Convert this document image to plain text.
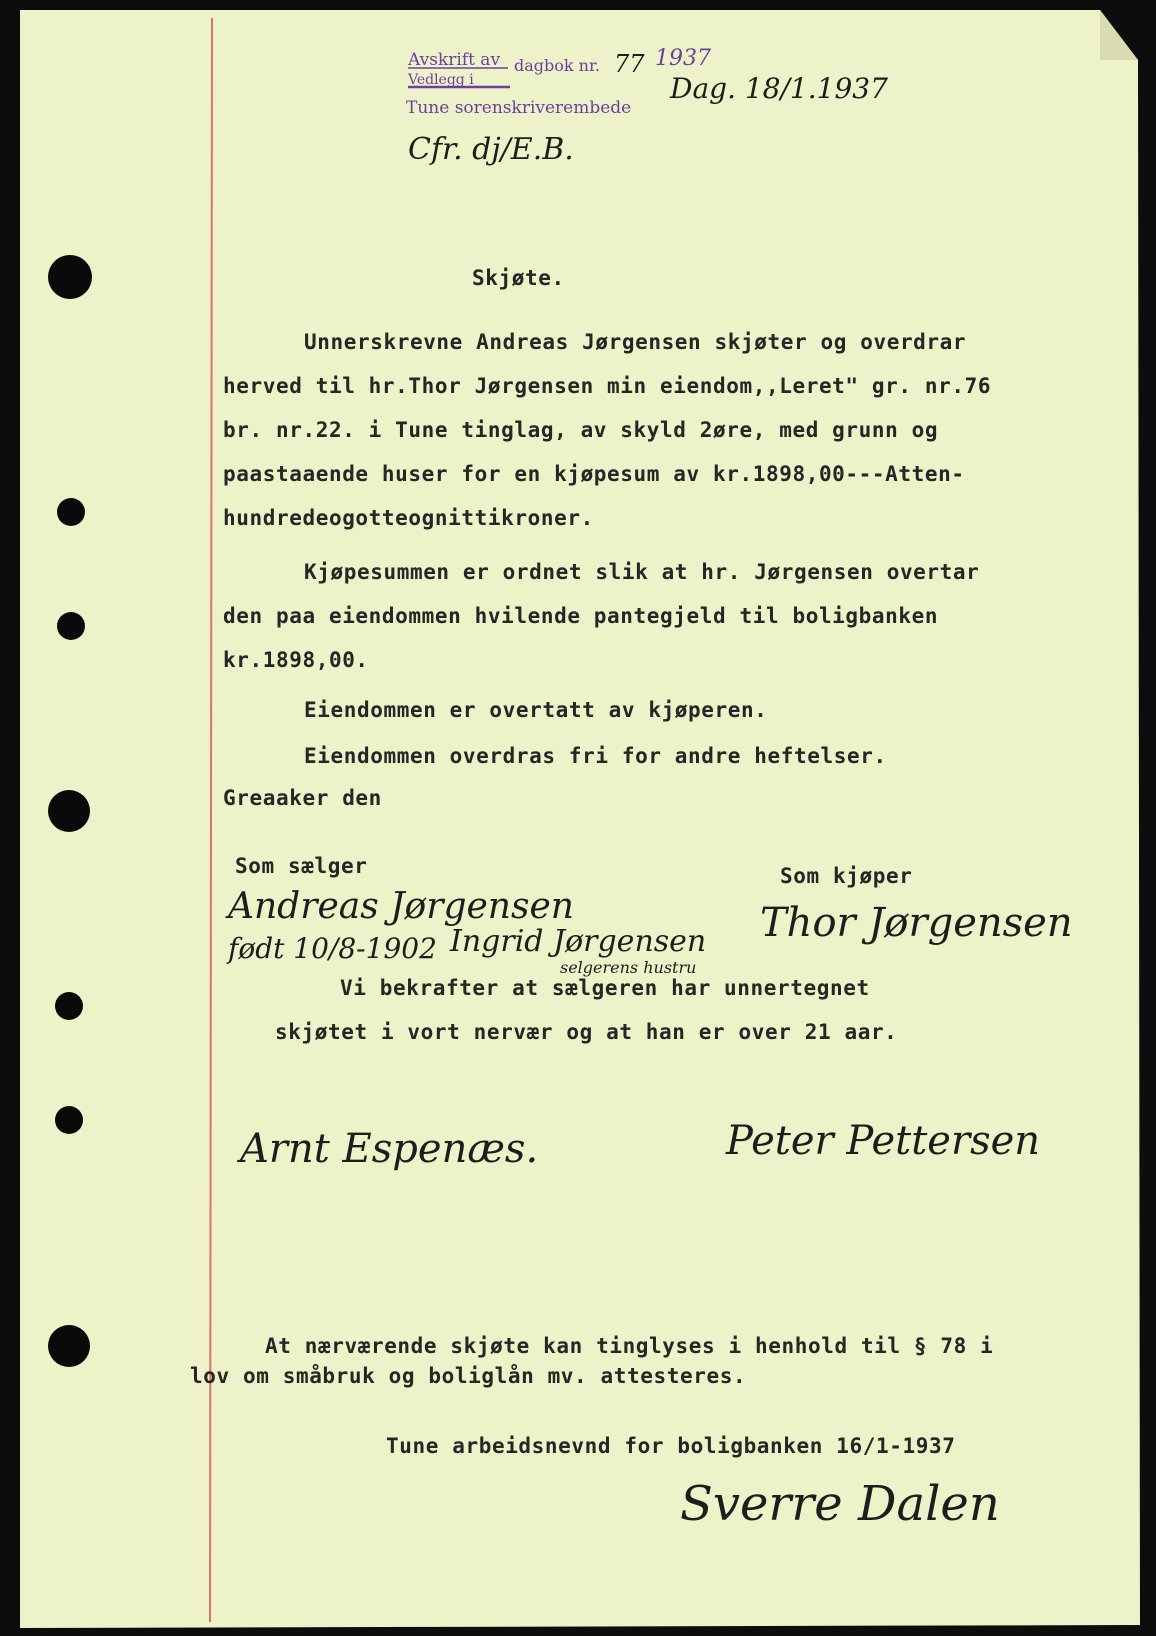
Avskrift av dagbok nr.
Vedlegg i
Tune sorenskriverembede
77 1937
Dag. 18/1.1937
Cfr. dj/E.B.
Skjøte.
Unnerskrevne Andreas Jørgensen skjøter og overdrar
herved til hr.Thor Jørgensen min eiendom,,Leret" gr. nr.76
br. nr.22. i Tune tinglag, av skyld 2øre, med grunn og
paastaaende huser for en kjøpesum av kr.1898,00---Atten-
hundredeogotteognittikroner.
Kjøpesummen er ordnet slik at hr. Jørgensen overtar
den paa eiendommen hvilende pantegjeld til boligbanken
kr.1898,00.
Eiendommen er overtatt av kjøperen.
Eiendommen overdras fri for andre heftelser.
Greaaker den
Som sælger	Som kjøper
Andreas Jørgensen
født 10/8-1902 Ingrid Jørgensen
selgerens hustru
Thor Jørgensen
Vi bekrafter at sælgeren har unnertegnet
skjøtet i vort nervær og at han er over 21 aar.
Arnt Espenæs.	Peter Pettersen
At nærværende skjøte kan tinglyses i henhold til § 78 i
lov om småbruk og boliglån mv. attesteres.
Tune arbeidsnevnd for boligbanken 16/1-1937
Sverre Dalen
